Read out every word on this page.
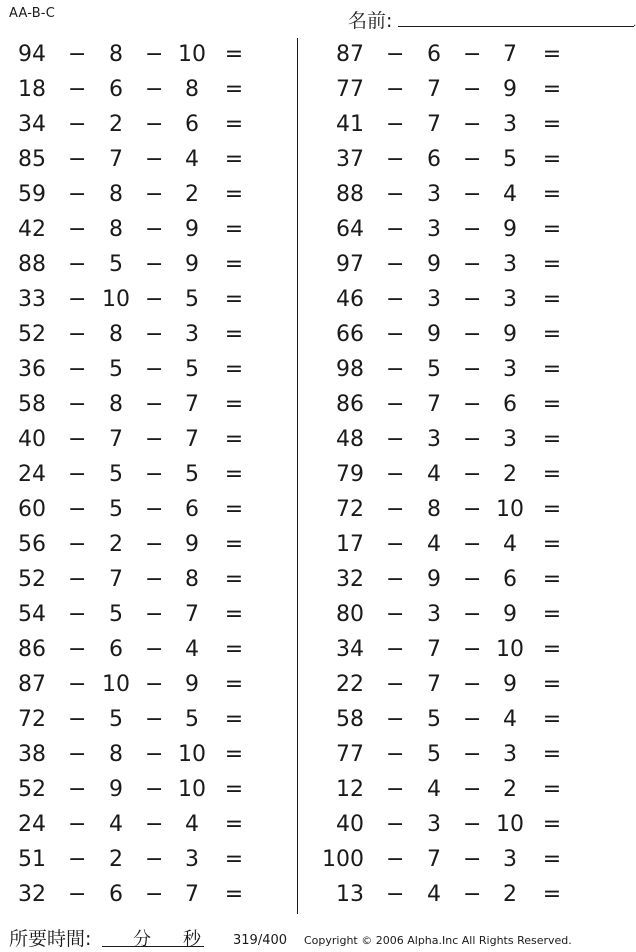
AA-B-C	名前:	.
94 −	8	− 10 =
18 −	6	− 8	=
34 −	2	− 6	=
85 −	7	− 4	=
59 −	8	− 2	=
42 −	8	− 9	=
88 −	5	− 9	=
33 − 10 − 5	=
52 −	8	− 3	=
36 −	5	− 5	=
58 −	8	− 7	=
40 −	7	− 7	=
24 −	5	− 5	=
60 −	5	− 6	=
56 −	2	− 9	=
52 −	7	− 8	=
54 −	5	− 7	=
86 −	6	− 4	=
87 − 10 − 9	=
72 −	5	− 5	=
38 −	8	− 10 =
52 −	9	− 10 =
24 −	4	− 4	=
51 −	2	− 3	=
32 −	6	− 7	=
87 −	6	− 7	=
77 −	7	− 9	=
41 −	7	− 3	=
37 −	6	− 5	=
88 −	3	− 4	=
64 −	3	− 9	=
97 −	9	− 3	=
46 −	3	− 3	=
66 −	9	− 9	=
98 −	5	− 3	=
86 −	7	− 6	=
48 −	3	− 3	=
79 −	4	− 2	=
72 −	8	− 10 =
17 −	4	− 4	=
32 −	9	− 6	=
80 −	3	− 9	=
34 −	7	− 10 =
22 −	7	− 9	=
58 −	5	− 4	=
77 −	5	− 3	=
12 −	4	− 2	=
40 −	3	− 10 =
100 −	7	− 3	=
13 −	4	− 2	=
所要時間: 分 秒 319/400 Copyright © 2006 Alpha.Inc All Rights Reserved.
